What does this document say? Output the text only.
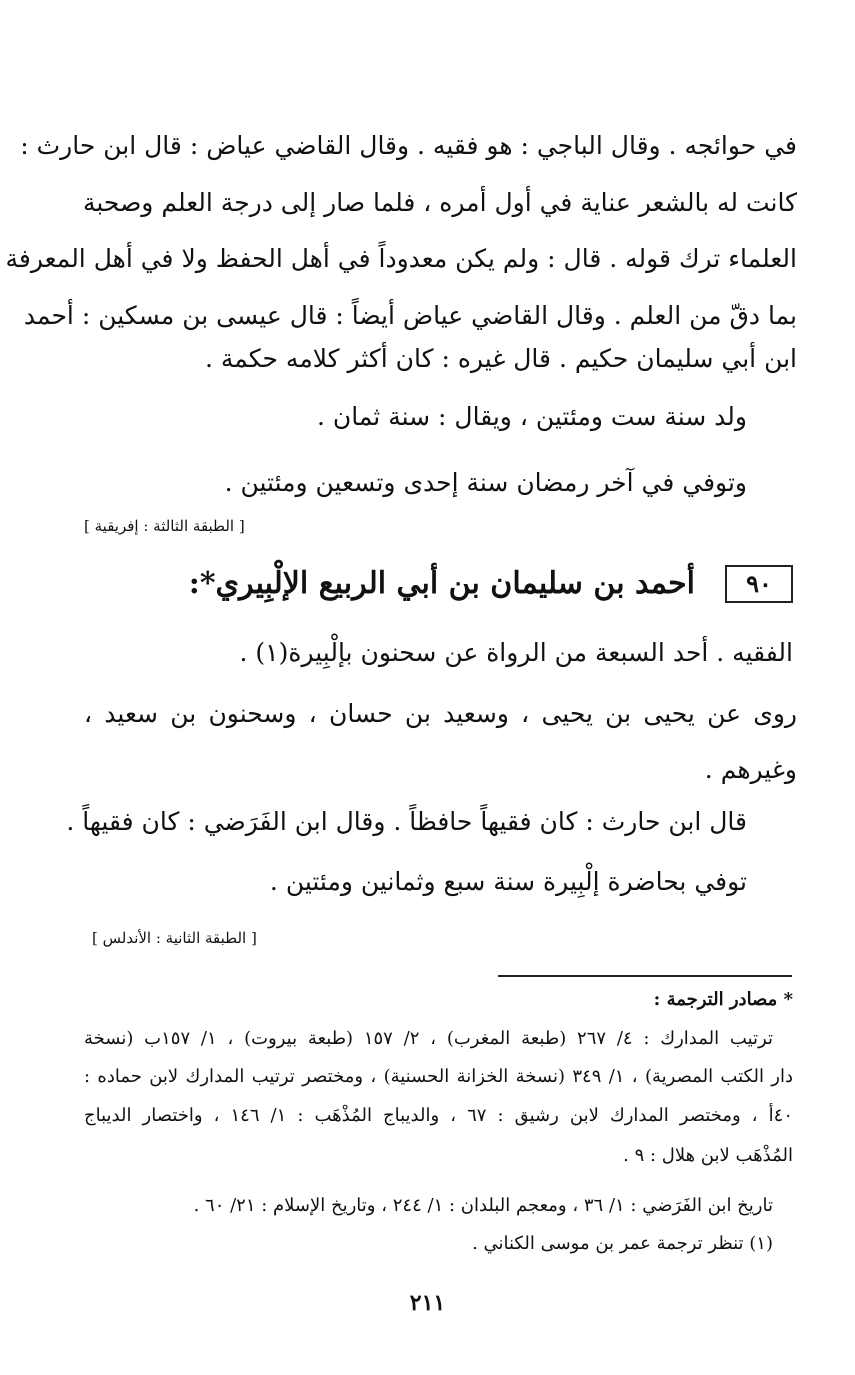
في حوائجه . وقال الباجي : هو فقيه . وقال القاضي عياض : قال ابن حارث :
كانت له بالشعر عناية في أول أمره ، فلما صار إلى درجة العلم وصحبة
العلماء ترك قوله . قال : ولم يكن معدوداً في أهل الحفظ ولا في أهل المعرفة
بما دقّ من العلم . وقال القاضي عياض أيضاً : قال عيسى بن مسكين : أحمد
ابن أبي سليمان حكيم . قال غيره : كان أكثر كلامه حكمة .
ولد سنة ست ومئتين ، ويقال : سنة ثمان .
وتوفي في آخر رمضان سنة إحدى وتسعين ومئتين .
[ الطبقة الثالثة : إفريقية ]
٩٠
أحمد بن سليمان بن أبي الربيع الإلْبِيري*:
الفقيه . أحد السبعة من الرواة عن سحنون بإلْبِيرة(١) .
روى عن يحيى بن يحيى ، وسعيد بن حسان ، وسحنون بن سعيد ،
وغيرهم .
قال ابن حارث : كان فقيهاً حافظاً . وقال ابن الفَرَضي : كان فقيهاً .
توفي بحاضرة إلْبِيرة سنة سبع وثمانين ومئتين .
[ الطبقة الثانية : الأندلس ]
* مصادر الترجمة :
ترتيب المدارك : ٤/ ٢٦٧ (طبعة المغرب) ، ٢/ ١٥٧ (طبعة بيروت) ، ١/ ١٥٧ب (نسخة
دار الكتب المصرية) ، ١/ ٣٤٩ (نسخة الخزانة الحسنية) ، ومختصر ترتيب المدارك لابن حماده :
٤٠أ ، ومختصر المدارك لابن رشيق : ٦٧ ، والديباج المُذْهَب : ١/ ١٤٦ ، واختصار الديباج
المُذْهَب لابن هلال : ٩ .
تاريخ ابن الفَرَضي : ١/ ٣٦ ، ومعجم البلدان : ١/ ٢٤٤ ، وتاريخ الإسلام : ٢١/ ٦٠ .
(١) تنظر ترجمة عمر بن موسى الكناني .
٢١١
